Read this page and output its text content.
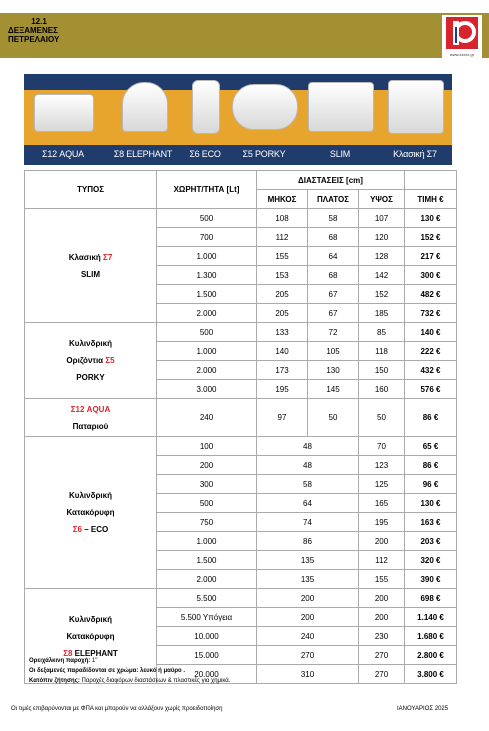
12.1
ΔΕΞΑΜΕΝΕΣ
ΠΕΤΡΕΛΑΙΟΥ
www.xxxxx.gr
Σ12 AQUA	Σ8 ELEPHANT	Σ6 ECO	Σ5 PORKY	SLIM	Κλασική Σ7
ΤΥΠΟΣ	ΧΩΡΗΤ/ΤΗΤΑ [Lt]	ΔΙΑΣΤΑΣΕΙΣ [cm]			
		ΜΗΚΟΣ	ΠΛΑΤΟΣ	ΥΨΟΣ	ΤΙΜΗ €

Κλασική Σ7
SLIM	500	108	58	107	130 €
	700	112	68	120	152 €
	1.000	155	64	128	217 €
	1.300	153	68	142	300 €
	1.500	205	67	152	482 €
	2.000	205	67	185	732 €

Κυλινδρική
Οριζόντια Σ5
PORKY	500	133	72	85	140 €
	1.000	140	105	118	222 €
	2.000	173	130	150	432 €
	3.000	195	145	160	576 €

Σ12 AQUA
Παταριού	240	97	50	50	86 €

Κυλινδρική
Κατακόρυφη
Σ6 – ECO	100	48		70	65 €
	200	48		123	86 €
	300	58		125	96 €
	500	64		165	130 €
	750	74		195	163 €
	1.000	86		200	203 €
	1.500	135		112	320 €
	2.000	135		155	390 €

Κυλινδρική
Κατακόρυφη
Σ8 ELEPHANT	5.500	200		200	698 €
	5.500 Υπόγεια	200		200	1.140 €
	10.000	240		230	1.680 €
	15.000	270		270	2.800 €
	20.000	310		270	3.800 €
Ορειχάλκινη παροχή: 1''
Οι δεξαμενές παραδίδονται σε χρώμα: λευκό ή μαύρο .
Κατόπιν ζήτησης: Παροχές διαφόρων διαστάσεων & πλαστικές για χημικά.
Οι τιμές επιβαρύνονται με ΦΠΑ και μπορούν να αλλάξουν χωρίς προειδοποίηση	ΙΑΝΟΥΑΡΙΟΣ 2025
